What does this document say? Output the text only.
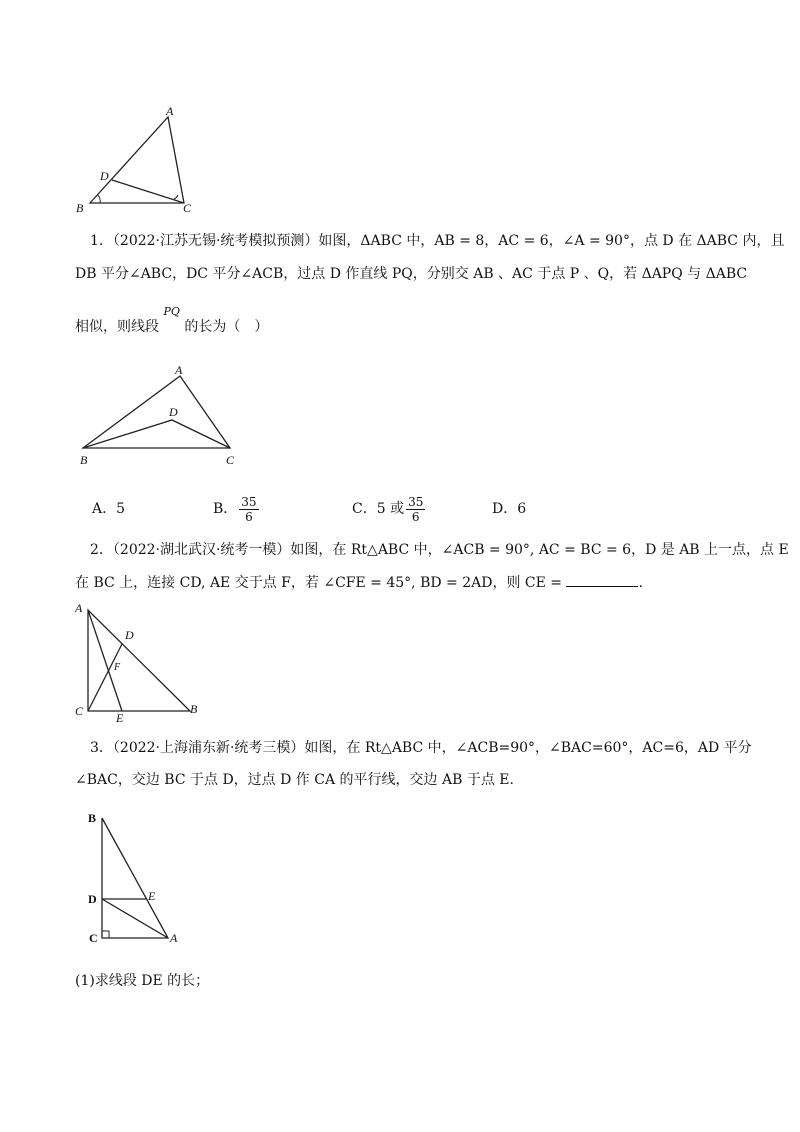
A
B	C
D
1．（2022·江苏无锡·统考模拟预测）如图，ΔABC 中，AB = 8，AC = 6，∠A = 90°，点 D 在 ΔABC 内，且
DB 平分∠ABC，DC 平分∠ACB，过点 D 作直线 PQ，分别交 AB 、AC 于点 P 、Q，若 ΔAPQ 与 ΔABC
相似，则线段 $^{PQ}$ 的长为（　）
A
B	C
D
A．5	B． $\frac{35}{6}$	C．5 或 $\frac{35}{6}$	D．6
2．（2022·湖北武汉·统考一模）如图，在 Rt△ABC 中，∠ACB = 90°, AC = BC = 6，D 是 AB 上一点，点 E
在 BC 上，连接 CD, AE 交于点 F，若 ∠CFE = 45°, BD = 2AD，则 CE =	.
A
C	B
D
E
F
3．（2022·上海浦东新·统考三模）如图，在 Rt△ABC 中，∠ACB=90°，∠BAC=60°，AC=6，AD 平分
∠BAC，交边 BC 于点 D，过点 D 作 CA 的平行线，交边 AB 于点 E.
B
D	E
C	A
(1)求线段 DE 的长；
